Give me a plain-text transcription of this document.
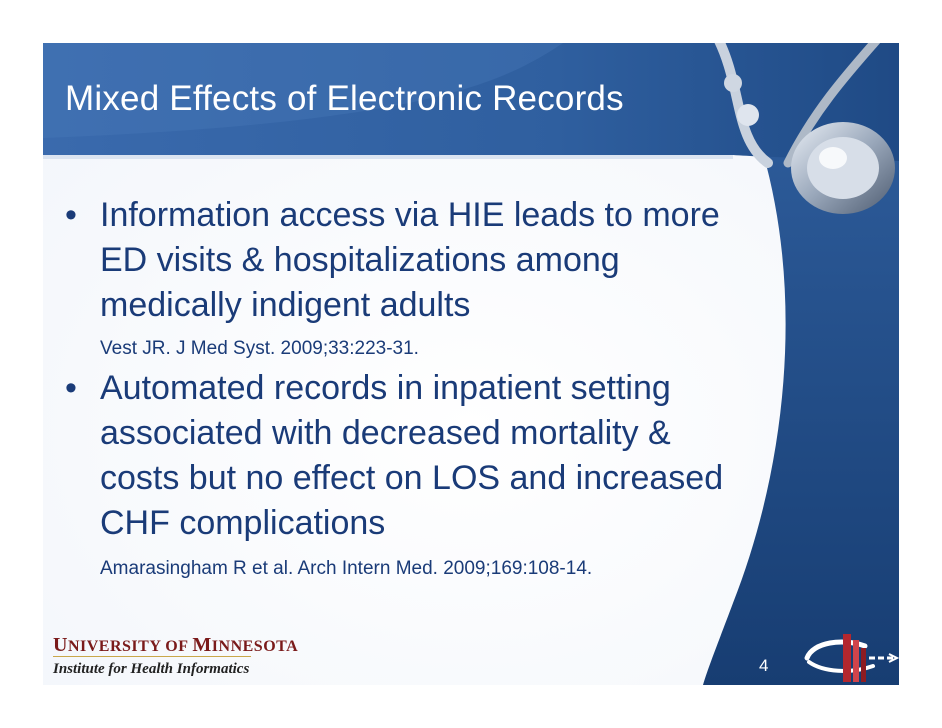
Mixed Effects of Electronic Records
• Information access via HIE leads to more
ED visits & hospitalizations among
medically indigent adults
Vest JR. J Med Syst. 2009;33:223-31.
• Automated records in inpatient setting
associated with decreased mortality &
costs but no effect on LOS and increased
CHF complications
Amarasingham R et al. Arch Intern Med. 2009;169:108-14.
UNIVERSITY OF MINNESOTA
Institute for Health Informatics	4
